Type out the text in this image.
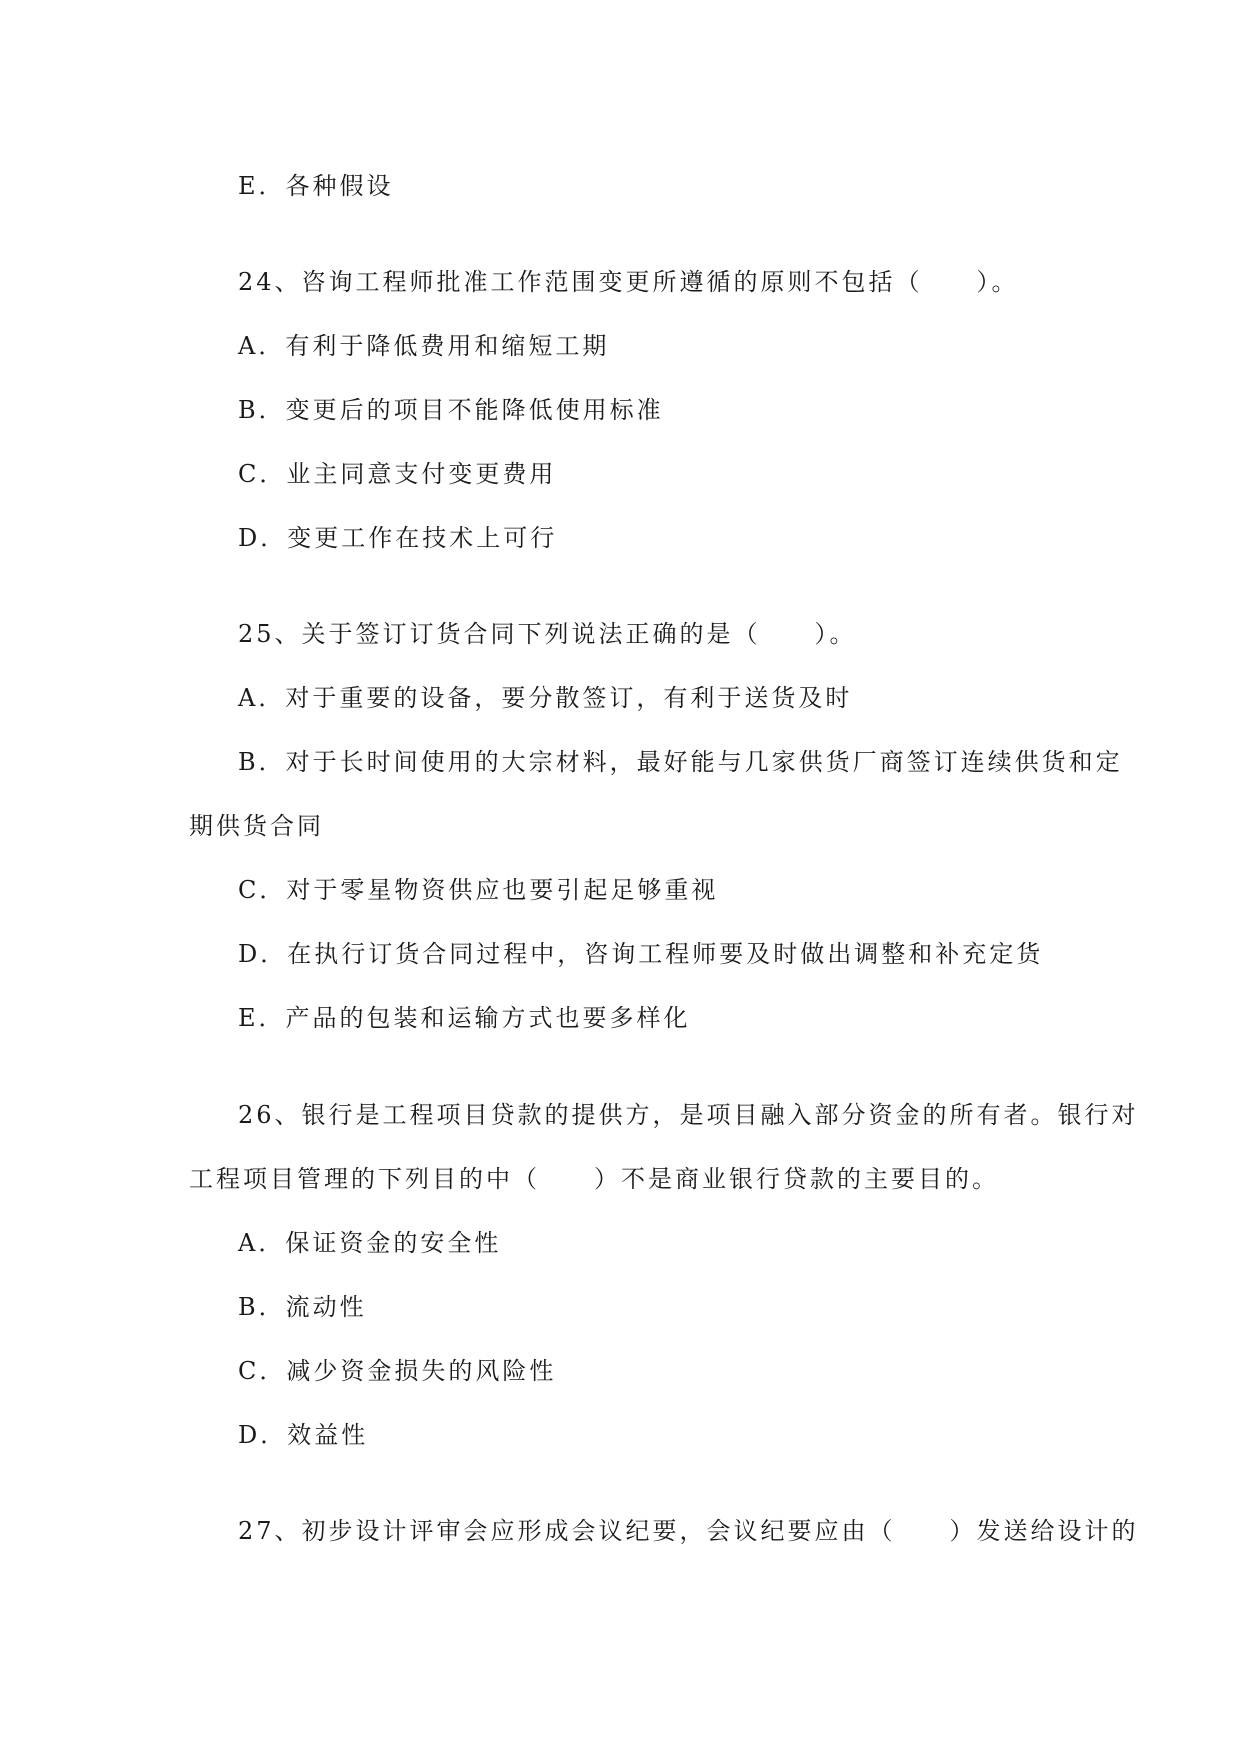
E．各种假设
24、咨询工程师批准工作范围变更所遵循的原则不包括（　　）。
A．有利于降低费用和缩短工期
B．变更后的项目不能降低使用标准
C．业主同意支付变更费用
D．变更工作在技术上可行
25、关于签订订货合同下列说法正确的是（　　）。
A．对于重要的设备，要分散签订，有利于送货及时
B．对于长时间使用的大宗材料，最好能与几家供货厂商签订连续供货和定
期供货合同
C．对于零星物资供应也要引起足够重视
D．在执行订货合同过程中，咨询工程师要及时做出调整和补充定货
E．产品的包装和运输方式也要多样化
26、银行是工程项目贷款的提供方，是项目融入部分资金的所有者。银行对
工程项目管理的下列目的中（　　）不是商业银行贷款的主要目的。
A．保证资金的安全性
B．流动性
C．减少资金损失的风险性
D．效益性
27、初步设计评审会应形成会议纪要，会议纪要应由（　　）发送给设计的
